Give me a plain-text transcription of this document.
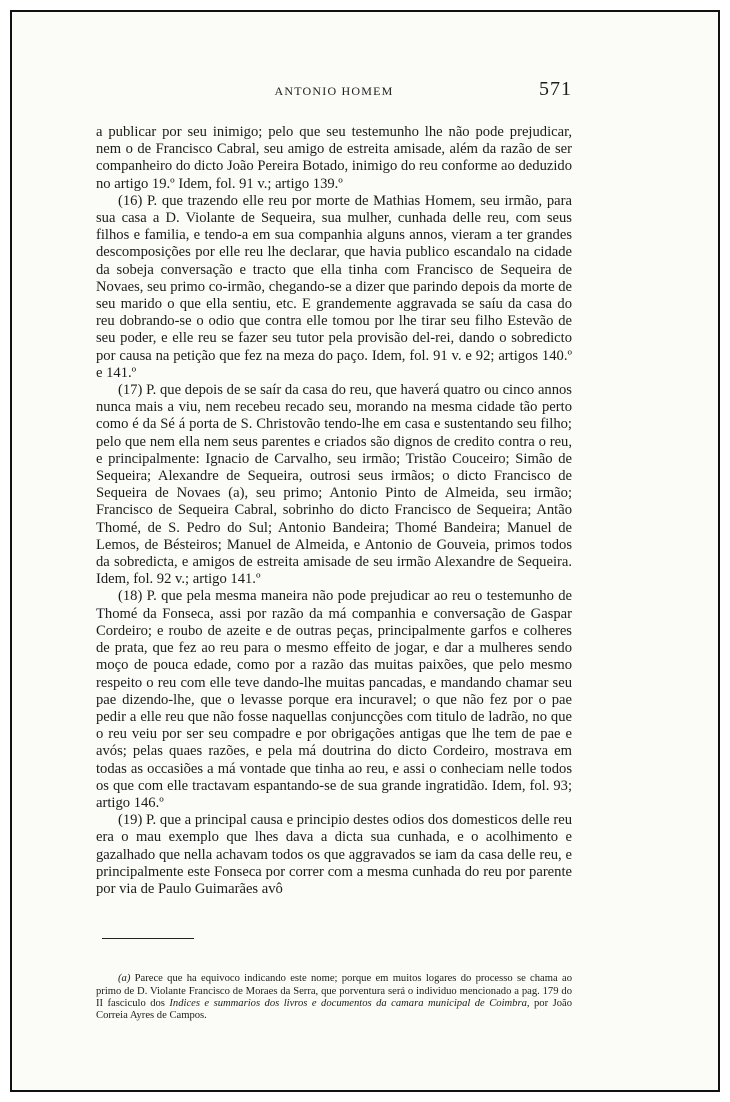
ANTONIO HOMEM	571

a publicar por seu inimigo; pelo que seu testemunho lhe não pode prejudicar, nem o de Francisco Cabral, seu amigo de estreita amisade, além da razão de ser companheiro do dicto João Pereira Botado, inimigo do reu conforme ao deduzido no artigo 19.º Idem, fol. 91 v.; artigo 139.º

(16) P. que trazendo elle reu por morte de Mathias Homem, seu irmão, para sua casa a D. Violante de Sequeira, sua mulher, cunhada delle reu, com seus filhos e familia, e tendo-a em sua companhia alguns annos, vieram a ter grandes descomposições por elle reu lhe declarar, que havia publico escandalo na cidade da sobeja conversação e tracto que ella tinha com Francisco de Sequeira de Novaes, seu primo co-irmão, chegando-se a dizer que parindo depois da morte de seu marido o que ella sentiu, etc. E grandemente aggravada se saíu da casa do reu dobrando-se o odio que contra elle tomou por lhe tirar seu filho Estevão de seu poder, e elle reu se fazer seu tutor pela provisão del-rei, dando o sobredicto por causa na petição que fez na meza do paço. Idem, fol. 91 v. e 92; artigos 140.º e 141.º

(17) P. que depois de se saír da casa do reu, que haverá quatro ou cinco annos nunca mais a viu, nem recebeu recado seu, morando na mesma cidade tão perto como é da Sé á porta de S. Christovão tendo-lhe em casa e sustentando seu filho; pelo que nem ella nem seus parentes e criados são dignos de credito contra o reu, e principalmente: Ignacio de Carvalho, seu irmão; Tristão Couceiro; Simão de Sequeira; Alexandre de Sequeira, outrosi seus irmãos; o dicto Francisco de Sequeira de Novaes (a), seu primo; Antonio Pinto de Almeida, seu irmão; Francisco de Sequeira Cabral, sobrinho do dicto Francisco de Sequeira; Antão Thomé, de S. Pedro do Sul; Antonio Bandeira; Thomé Bandeira; Manuel de Lemos, de Bésteiros; Manuel de Almeida, e Antonio de Gouveia, primos todos da sobredicta, e amigos de estreita amisade de seu irmão Alexandre de Sequeira. Idem, fol. 92 v.; artigo 141.º

(18) P. que pela mesma maneira não pode prejudicar ao reu o testemunho de Thomé da Fonseca, assi por razão da má companhia e conversação de Gaspar Cordeiro; e roubo de azeite e de outras peças, principalmente garfos e colheres de prata, que fez ao reu para o mesmo effeito de jogar, e dar a mulheres sendo moço de pouca edade, como por a razão das muitas paixões, que pelo mesmo respeito o reu com elle teve dando-lhe muitas pancadas, e mandando chamar seu pae dizendo-lhe, que o levasse porque era incuravel; o que não fez por o pae pedir a elle reu que não fosse naquellas conjuncções com titulo de ladrão, no que o reu veiu por ser seu compadre e por obrigações antigas que lhe tem de pae e avós; pelas quaes razões, e pela má doutrina do dicto Cordeiro, mostrava em todas as occasiões a má vontade que tinha ao reu, e assi o conheciam nelle todos os que com elle tractavam espantando-se de sua grande ingratidão. Idem, fol. 93; artigo 146.º

(19) P. que a principal causa e principio destes odios dos domesticos delle reu era o mau exemplo que lhes dava a dicta sua cunhada, e o acolhimento e gazalhado que nella achavam todos os que aggravados se iam da casa delle reu, e principalmente este Fonseca por correr com a mesma cunhada do reu por parente por via de Paulo Guimarães avô

(a) Parece que ha equivoco indicando este nome; porque em muitos logares do processo se chama ao primo de D. Violante Francisco de Moraes da Serra, que porventura será o individuo mencionado a pag. 179 do II fasciculo dos Indices e summarios dos livros e documentos da camara municipal de Coimbra, por João Correia Ayres de Campos.
